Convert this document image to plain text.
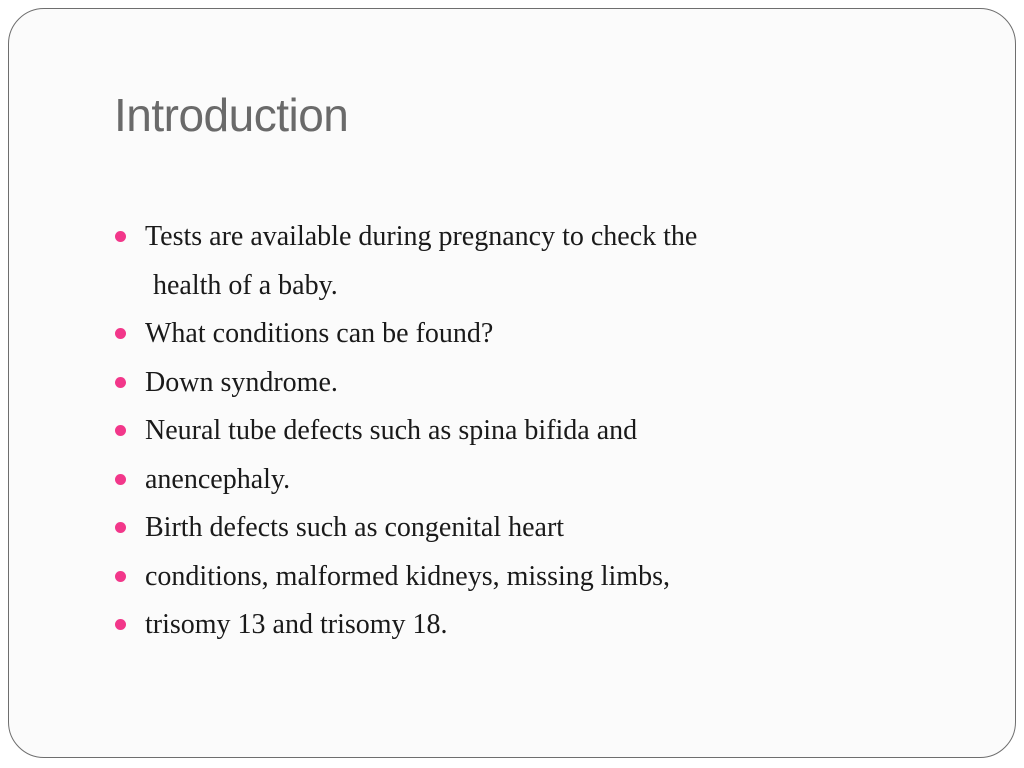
Introduction
Tests are available during pregnancy to check the
health of a baby.
What conditions can be found?
Down syndrome.
Neural tube defects such as spina bifida and
anencephaly.
Birth defects such as congenital heart
conditions, malformed kidneys, missing limbs,
trisomy 13 and trisomy 18.
